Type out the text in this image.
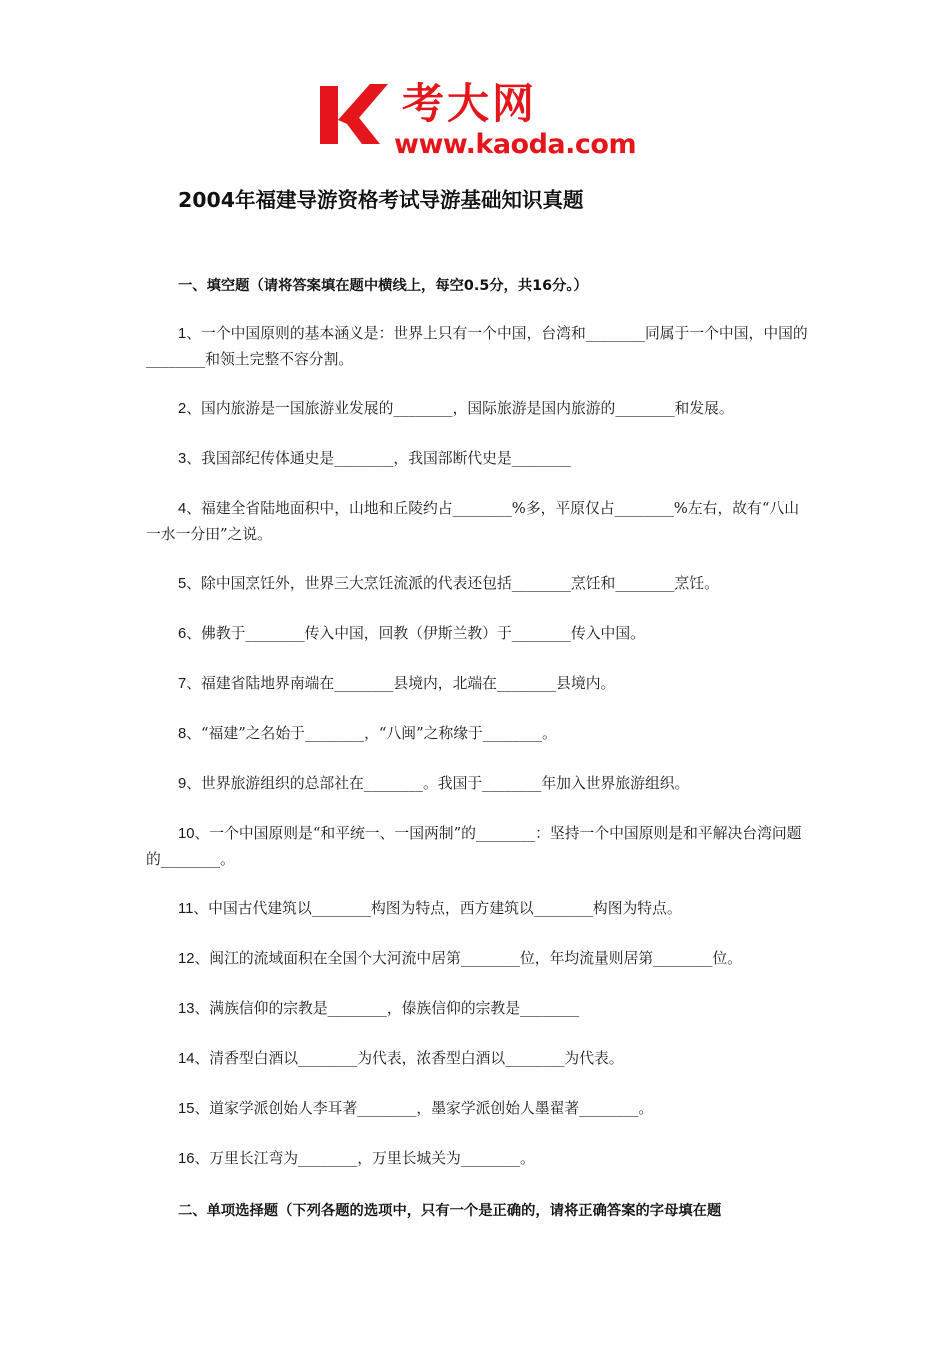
考大网
www.kaoda.com
2004年福建导游资格考试导游基础知识真题
一、填空题（请将答案填在题中横线上，每空0.5分，共16分。）
1、一个中国原则的基本涵义是：世界上只有一个中国，台湾和________同属于一个中国，中国的________和领土完整不容分割。
2、国内旅游是一国旅游业发展的________，国际旅游是国内旅游的________和发展。
3、我国部纪传体通史是________，我国部断代史是________
4、福建全省陆地面积中，山地和丘陵约占________%多，平原仅占________%左右，故有“八山一水一分田”之说。
5、除中国烹饪外，世界三大烹饪流派的代表还包括________烹饪和________烹饪。
6、佛教于________传入中国，回教（伊斯兰教）于________传入中国。
7、福建省陆地界南端在________县境内，北端在________县境内。
8、“福建”之名始于________，“八闽”之称缘于________。
9、世界旅游组织的总部社在________。我国于________年加入世界旅游组织。
10、一个中国原则是“和平统一、一国两制”的________：坚持一个中国原则是和平解决台湾问题的________。
11、中国古代建筑以________构图为特点，西方建筑以________构图为特点。
12、闽江的流域面积在全国个大河流中居第________位，年均流量则居第________位。
13、满族信仰的宗教是________，傣族信仰的宗教是________
14、清香型白酒以________为代表，浓香型白酒以________为代表。
15、道家学派创始人李耳著________，墨家学派创始人墨翟著________。
16、万里长江弯为________，万里长城关为________。
二、单项选择题（下列各题的选项中，只有一个是正确的，请将正确答案的字母填在题
